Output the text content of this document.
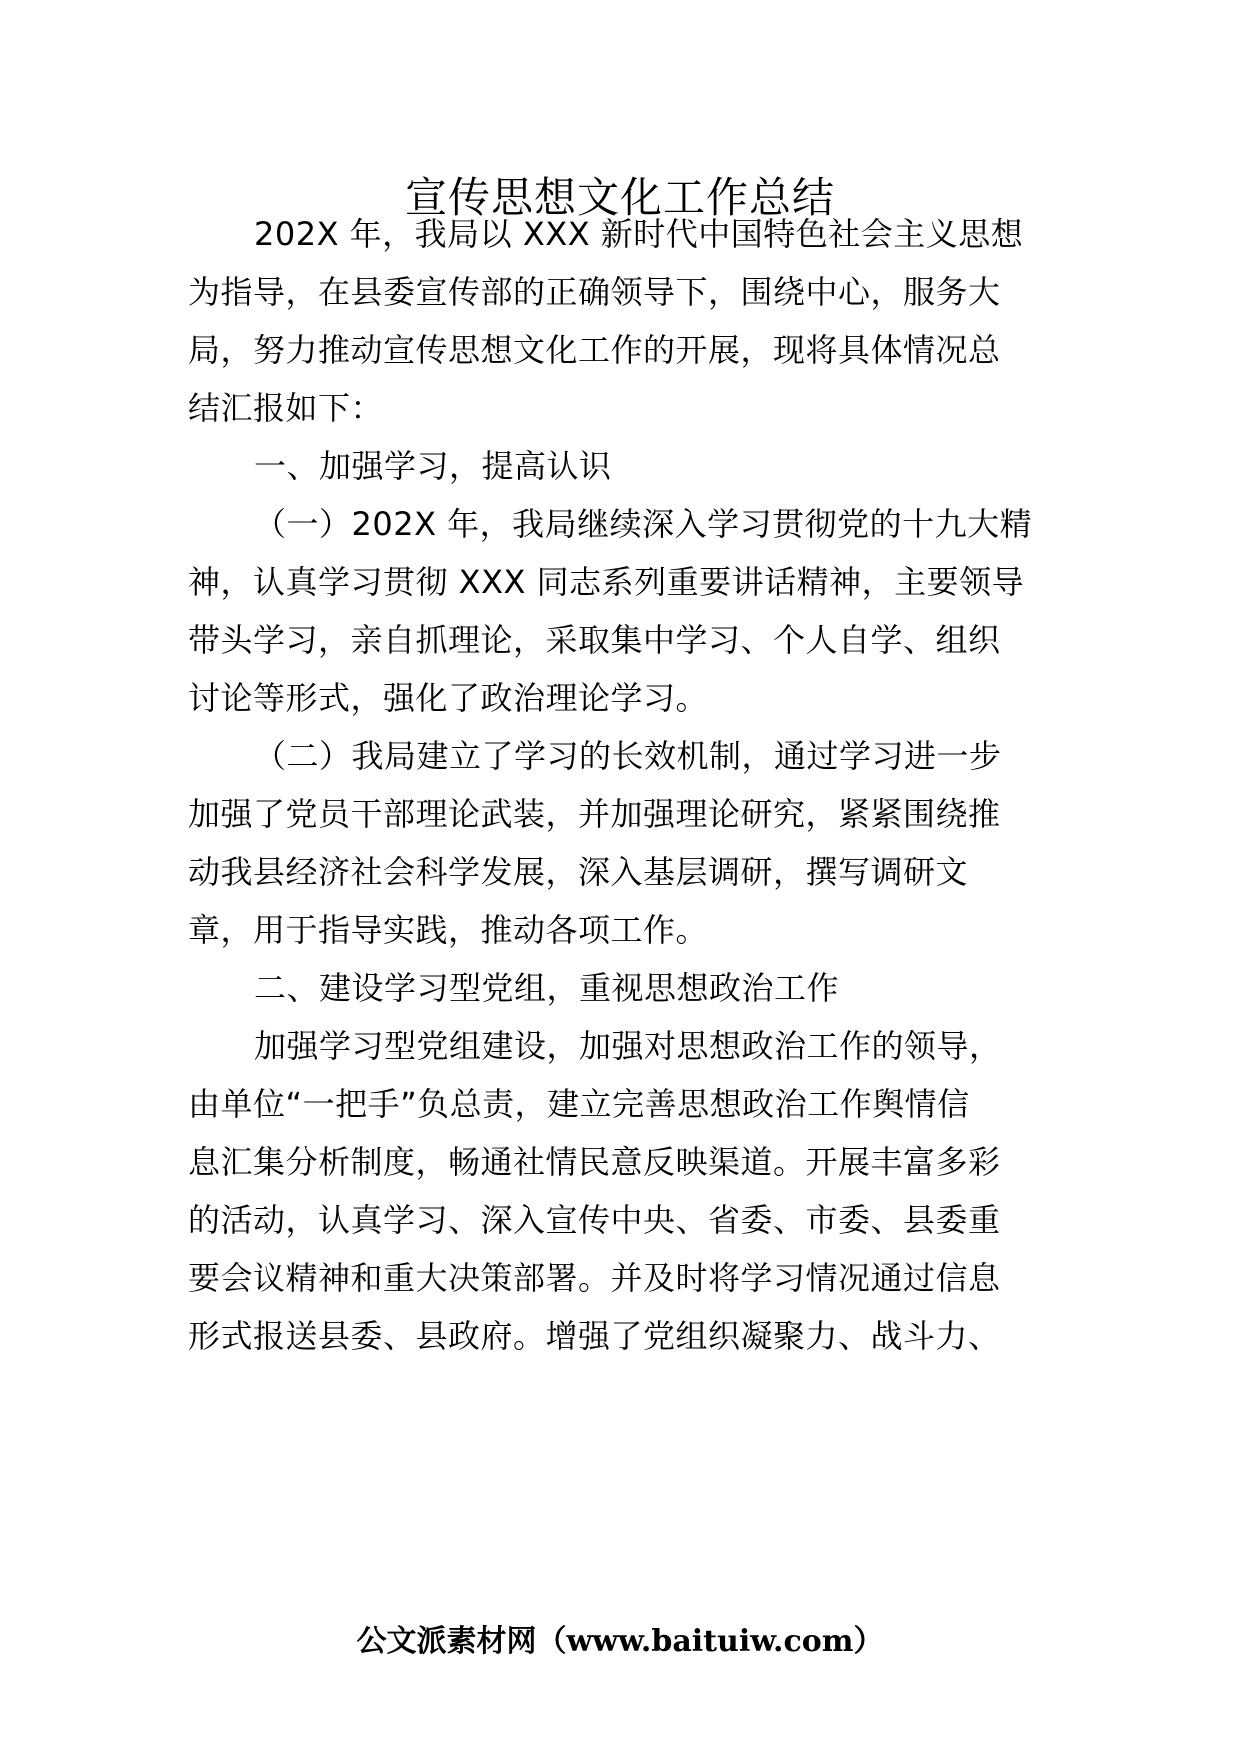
宣传思想文化工作总结
202X 年，我局以 XXX 新时代中国特色社会主义思想
为指导，在县委宣传部的正确领导下，围绕中心，服务大
局，努力推动宣传思想文化工作的开展，现将具体情况总
结汇报如下：
一、加强学习，提高认识
（一）202X 年，我局继续深入学习贯彻党的十九大精
神，认真学习贯彻 XXX 同志系列重要讲话精神，主要领导
带头学习，亲自抓理论，采取集中学习、个人自学、组织
讨论等形式，强化了政治理论学习。
（二）我局建立了学习的长效机制，通过学习进一步
加强了党员干部理论武装，并加强理论研究，紧紧围绕推
动我县经济社会科学发展，深入基层调研，撰写调研文
章，用于指导实践，推动各项工作。
二、建设学习型党组，重视思想政治工作
加强学习型党组建设，加强对思想政治工作的领导，
由单位“一把手”负总责，建立完善思想政治工作舆情信
息汇集分析制度，畅通社情民意反映渠道。开展丰富多彩
的活动，认真学习、深入宣传中央、省委、市委、县委重
要会议精神和重大决策部署。并及时将学习情况通过信息
形式报送县委、县政府。增强了党组织凝聚力、战斗力、
公文派素材网（www.baituiw.com）
